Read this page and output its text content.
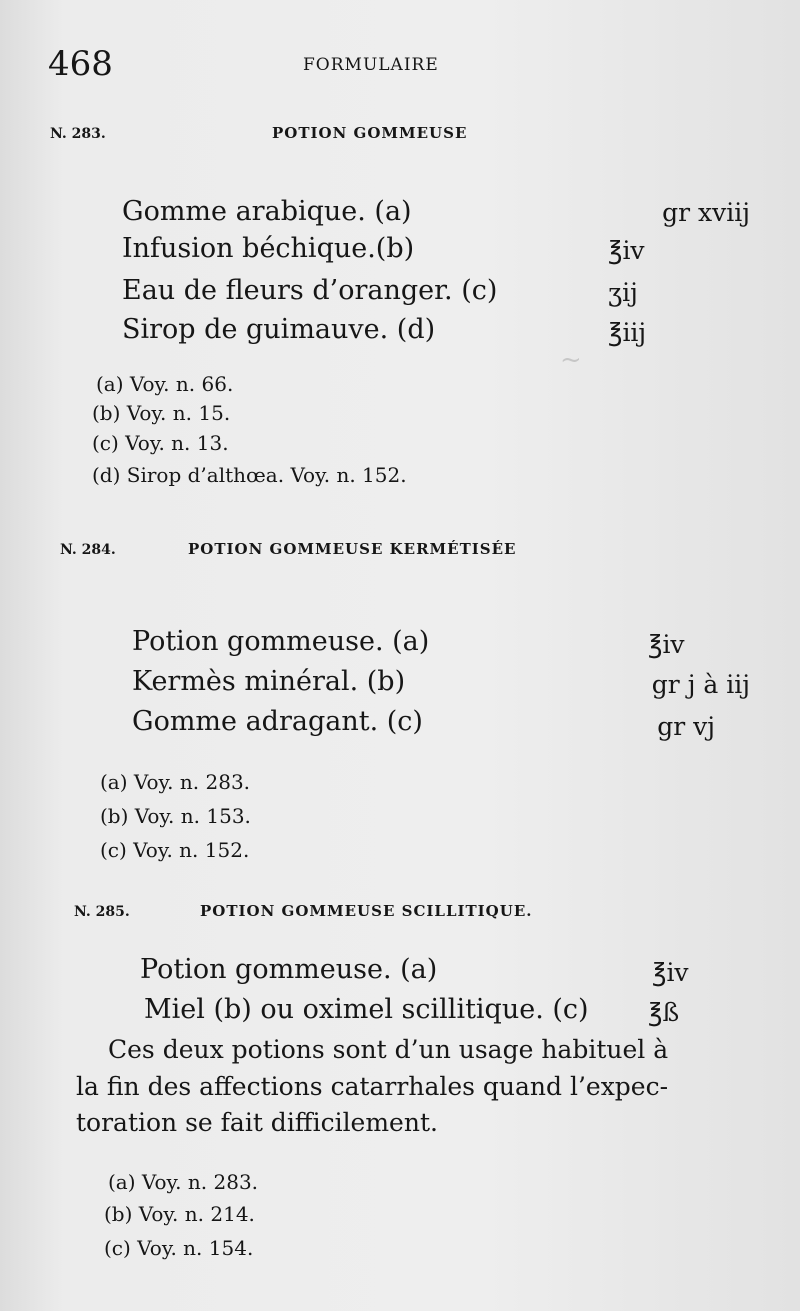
~
468	FORMULAIRE
N. 283.	POTION GOMMEUSE
Gomme arabique. (a)	gr xviij
Infusion béchique.(b)	℥iv
Eau de fleurs d’oranger. (c)	ʒij
Sirop de guimauve. (d)	℥iij
(a) Voy. n. 66.
(b) Voy. n. 15.
(c) Voy. n. 13.
(d) Sirop d’althœa. Voy. n. 152.
N. 284.	POTION GOMMEUSE KERMÉTISÉE
Potion gommeuse. (a)	℥iv
Kermès minéral. (b)	gr j à iij
Gomme adragant. (c)	gr vj
(a) Voy. n. 283.
(b) Voy. n. 153.
(c) Voy. n. 152.
N. 285.	POTION GOMMEUSE SCILLITIQUE.
Potion gommeuse. (a)	℥iv
Miel (b) ou oximel scillitique. (c) ℥ß
Ces deux potions sont d’un usage habituel à
la fin des affections catarrhales quand l’expec-
toration se fait difficilement.
(a) Voy. n. 283.
(b) Voy. n. 214.
(c) Voy. n. 154.
